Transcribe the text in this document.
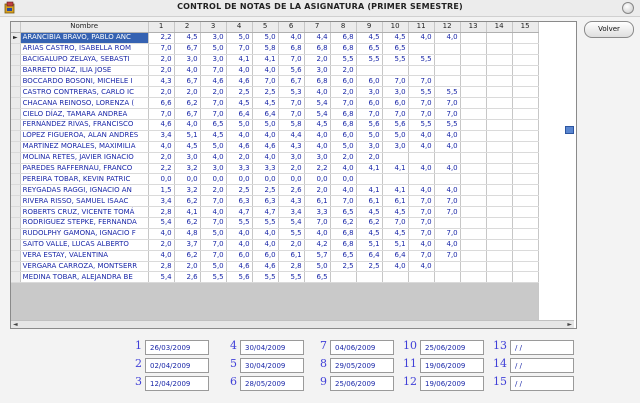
CONTROL DE NOTAS DE LA ASIGNATURA (PRIMER SEMESTRE)
	Nombre	1	2	3	4	5	6	7	8	9	10	11	12	13	14	15
►	ARANCIBIA BRAVO, PABLO ANC	2,2	4,5	3,0	5,0	5,0	4,0	4,4	6,8	4,5	4,5	4,0	4,0			
	ARIAS CASTRO, ISABELLA ROM	7,0	6,7	5,0	7,0	5,8	6,8	6,8	6,8	6,5	6,5					
	BACIGALUPO ZELAYA, SEBASTI	2,0	3,0	3,0	4,1	4,1	7,0	2,0	5,5	5,5	5,5	5,5				
	BARRETO DÍAZ, ILIA JOSÉ	2,0	4,0	7,0	4,0	4,0	5,6	3,0	2,0							
	BOCCARDO BOSONI, MICHELE I	4,3	6,7	4,6	4,6	7,0	6,7	6,8	6,0	6,0	7,0	7,0				
	CASTRO CONTRERAS, CARLO IC	2,0	2,0	2,0	2,5	2,5	5,3	4,0	2,0	3,0	3,0	5,5	5,5			
	CHACANA REINOSO, LORENZA (	6,6	6,2	7,0	4,5	4,5	7,0	5,4	7,0	6,0	6,0	7,0	7,0			
	CIELO DÍAZ, TAMARA ANDREA	7,0	6,7	7,0	6,4	6,4	7,0	5,4	6,8	7,0	7,0	7,0	7,0			
	FERNÁNDEZ RIVAS, FRANCISCO	4,6	4,0	6,5	5,0	5,0	5,8	4,5	6,8	5,6	5,6	5,5	5,5			
	LÓPEZ FIGUEROA, ALAN ANDRÉS	3,4	5,1	4,5	4,0	4,0	4,4	4,0	6,0	5,0	5,0	4,0	4,0			
	MARTÍNEZ MORALES, MAXIMILIA	4,0	4,5	5,0	4,6	4,6	4,3	4,0	5,0	3,0	3,0	4,0	4,0			
	MOLINA RETES, JAVIER IGNACIO	2,0	3,0	4,0	2,0	4,0	3,0	3,0	2,0	2,0						
	PAREDES RAFFERNAU, FRANCO	2,2	3,2	3,0	3,3	3,3	2,0	2,2	4,0	4,1	4,1	4,0	4,0			
	PEREIRA TOBAR, KEVIN PATRIC	0,0	0,0	0,0	0,0	0,0	0,0	0,0	0,0							
	REYGADAS RAGGI, IGNACIO AN	1,5	3,2	2,0	2,5	2,5	2,6	2,0	4,0	4,1	4,1	4,0	4,0			
	RIVERA RISSO, SAMUEL ISAAC	3,4	6,2	7,0	6,3	6,3	4,3	6,1	7,0	6,1	6,1	7,0	7,0			
	ROBERTS CRUZ, VICENTE TOMÁ	2,8	4,1	4,0	4,7	4,7	3,4	3,3	6,5	4,5	4,5	7,0	7,0			
	RODRÍGUEZ STEPKE, FERNANDA	5,4	6,2	7,0	5,5	5,5	5,4	7,0	6,2	6,2	7,0	7,0				
	RUDOLPHY GAMONA, IGNACIO F	4,0	4,8	5,0	4,0	4,0	5,5	4,0	6,8	4,5	4,5	7,0	7,0			
	SAITO VALLE, LUCAS ALBERTO	2,0	3,7	7,0	4,0	4,0	2,0	4,2	6,8	5,1	5,1	4,0	4,0			
	VERA ESTAY, VALENTINA	4,0	6,2	7,0	6,0	6,0	6,1	5,7	6,5	6,4	6,4	7,0	7,0			
	VERGARA CARROZA, MONTSERR	2,8	2,0	5,0	4,6	4,6	2,8	5,0	2,5	2,5	4,0	4,0				
	MEDINA TOBAR, ALEJANDRA BE	5,4	2,6	5,5	5,6	5,5	5,5	6,5								

◄	►
Volver
1	26/03/2009
2	02/04/2009
3	12/04/2009
4	30/04/2009
5	30/04/2009
6	28/05/2009
7	04/06/2009
8	29/05/2009
9	25/06/2009
10	25/06/2009
11	19/06/2009
12	19/06/2009
13	/ /
14	/ /
15	/ /
